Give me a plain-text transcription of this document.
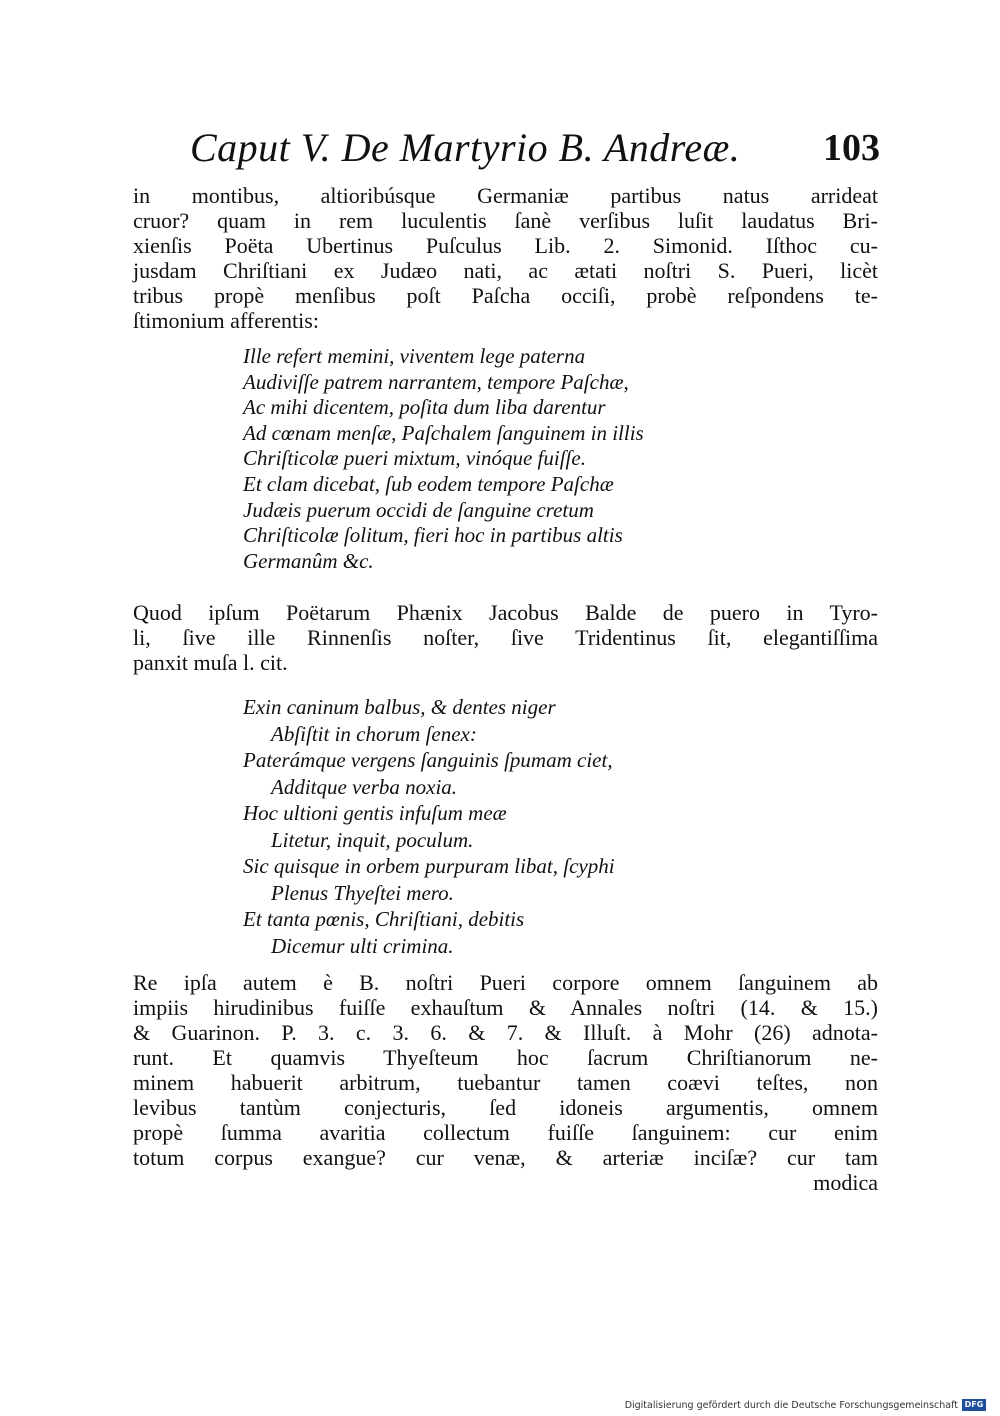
Caput V. De Martyrio B. Andreæ. 103
in montibus, altioribúsque Germaniæ partibus natus arrideat
cruor? quam in rem luculentis ſanè verſibus luſit laudatus Bri-
xienſis Poëta Ubertinus Puſculus Lib. 2. Simonid. Iſthoc cu-
jusdam Chriſtiani ex Judæo nati, ac ætati noſtri S. Pueri, licèt
tribus propè menſibus poſt Paſcha occiſi, probè reſpondens te-
ſtimonium afferentis:
Ille refert memini, viventem lege paterna
Audiviſſe patrem narrantem, tempore Paſchæ,
Ac mihi dicentem, poſita dum liba darentur
Ad cœnam menſæ, Paſchalem ſanguinem in illis
Chriſticolæ pueri mixtum, vinóque fuiſſe.
Et clam dicebat, ſub eodem tempore Paſchæ
Judæis puerum occidi de ſanguine cretum
Chriſticolæ ſolitum, fieri hoc in partibus altis
Germanûm &c.
Quod ipſum Poëtarum Phænix Jacobus Balde de puero in Tyro-
li, ſive ille Rinnenſis noſter, ſive Tridentinus ſit, elegantiſſima
panxit muſa l. cit.
Exin caninum balbus, & dentes niger
Abſiſtit in chorum ſenex:
Paterámque vergens ſanguinis ſpumam ciet,
Additque verba noxia.
Hoc ultioni gentis infuſum meæ
Litetur, inquit, poculum.
Sic quisque in orbem purpuram libat, ſcyphi
Plenus Thyeſtei mero.
Et tanta pœnis, Chriſtiani, debitis
Dicemur ulti crimina.
Re ipſa autem è B. noſtri Pueri corpore omnem ſanguinem ab
impiis hirudinibus fuiſſe exhauſtum & Annales noſtri (14. & 15.)
& Guarinon. P. 3. c. 3. 6. & 7. & Illuſt. à Mohr (26) adnota-
runt. Et quamvis Thyeſteum hoc ſacrum Chriſtianorum ne-
minem habuerit arbitrum, tuebantur tamen coævi teſtes, non
levibus tantùm conjecturis, ſed idoneis argumentis, omnem
propè ſumma avaritia collectum fuiſſe ſanguinem: cur enim
totum corpus exangue? cur venæ, & arteriæ inciſæ? cur tam
modica
Digitalisierung gefördert durch die Deutsche Forschungsgemeinschaft DFG
